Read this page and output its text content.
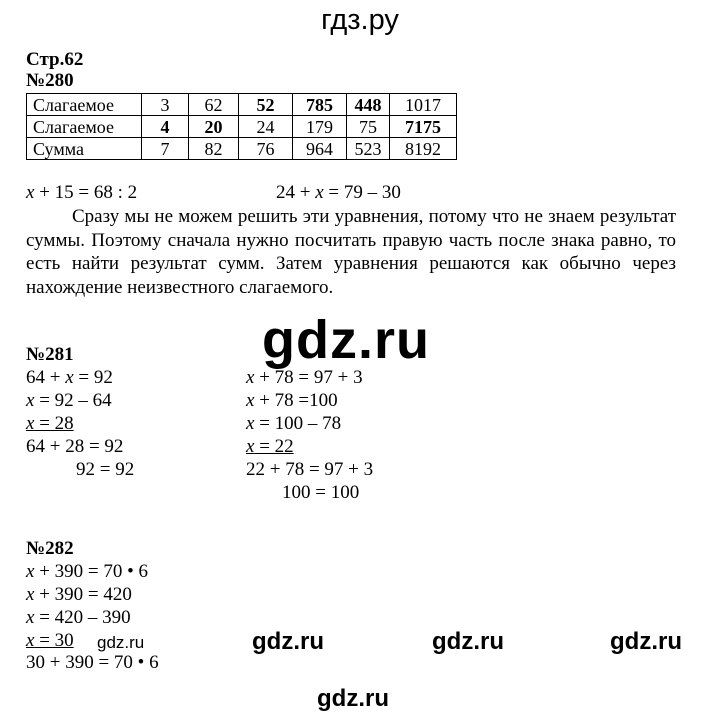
гдз.ру
Стр.62
№280
Слагаемое	3	62	52	785	448	1017
Слагаемое	4	20	24	179	75	7175
Сумма	7	82	76	964	523	8192
x + 15 = 68 : 2	24 + x = 79 – 30
Сразу мы не можем решить эти уравнения, потому что не знаем результат суммы. Поэтому сначала нужно посчитать правую часть после знака равно, то есть найти результат сумм. Затем уравнения решаются как обычно через нахождение неизвестного слагаемого.
gdz.ru
№281
64 + x = 92
x = 92 – 64
x = 28
64 + 28 = 92
92 = 92
x + 78 = 97 + 3
x + 78 =100
x = 100 – 78
x = 22
22 + 78 = 97 + 3
100 = 100
№282
x + 390 = 70 • 6
x + 390 = 420
x = 420 – 390
x = 30
30 + 390 = 70 • 6
gdz.ru	gdz.ru	gdz.ru	gdz.ru
gdz.ru
